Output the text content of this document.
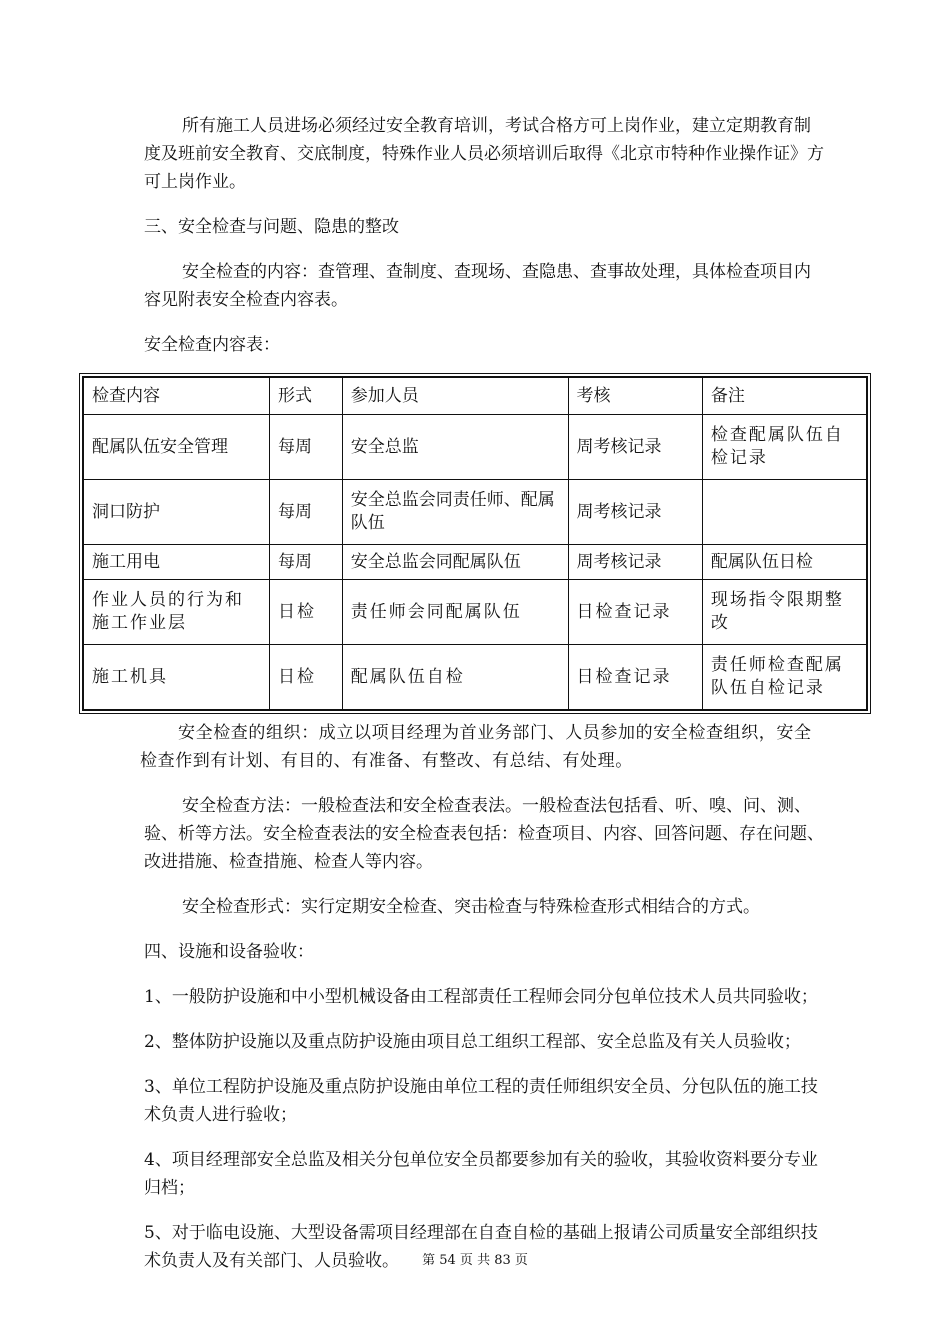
所有施工人员进场必须经过安全教育培训，考试合格方可上岗作业，建立定期教育制度及班前安全教育、交底制度，特殊作业人员必须培训后取得《北京市特种作业操作证》方可上岗作业。

三、安全检查与问题、隐患的整改

安全检查的内容：查管理、查制度、查现场、查隐患、查事故处理，具体检查项目内容见附表安全检查内容表。

安全检查内容表：

检查内容	形式	参加人员	考核	备注
配属队伍安全管理	每周	安全总监	周考核记录	检查配属队伍自检记录
洞口防护	每周	安全总监会同责任师、配属队伍	周考核记录	
施工用电	每周	安全总监会同配属队伍	周考核记录	配属队伍日检
作业人员的行为和施工作业层	日检	责任师会同配属队伍	日检查记录	现场指令限期整改
施工机具	日检	配属队伍自检	日检查记录	责任师检查配属队伍自检记录

安全检查的组织：成立以项目经理为首业务部门、人员参加的安全检查组织，安全检查作到有计划、有目的、有准备、有整改、有总结、有处理。

安全检查方法：一般检查法和安全检查表法。一般检查法包括看、听、嗅、问、测、验、析等方法。安全检查表法的安全检查表包括：检查项目、内容、回答问题、存在问题、改进措施、检查措施、检查人等内容。

安全检查形式：实行定期安全检查、突击检查与特殊检查形式相结合的方式。

四、设施和设备验收：

1、一般防护设施和中小型机械设备由工程部责任工程师会同分包单位技术人员共同验收；

2、整体防护设施以及重点防护设施由项目总工组织工程部、安全总监及有关人员验收；

3、单位工程防护设施及重点防护设施由单位工程的责任师组织安全员、分包队伍的施工技术负责人进行验收；

4、项目经理部安全总监及相关分包单位安全员都要参加有关的验收，其验收资料要分专业归档；

5、对于临电设施、大型设备需项目经理部在自查自检的基础上报请公司质量安全部组织技术负责人及有关部门、人员验收。	第 54 页 共 83 页
